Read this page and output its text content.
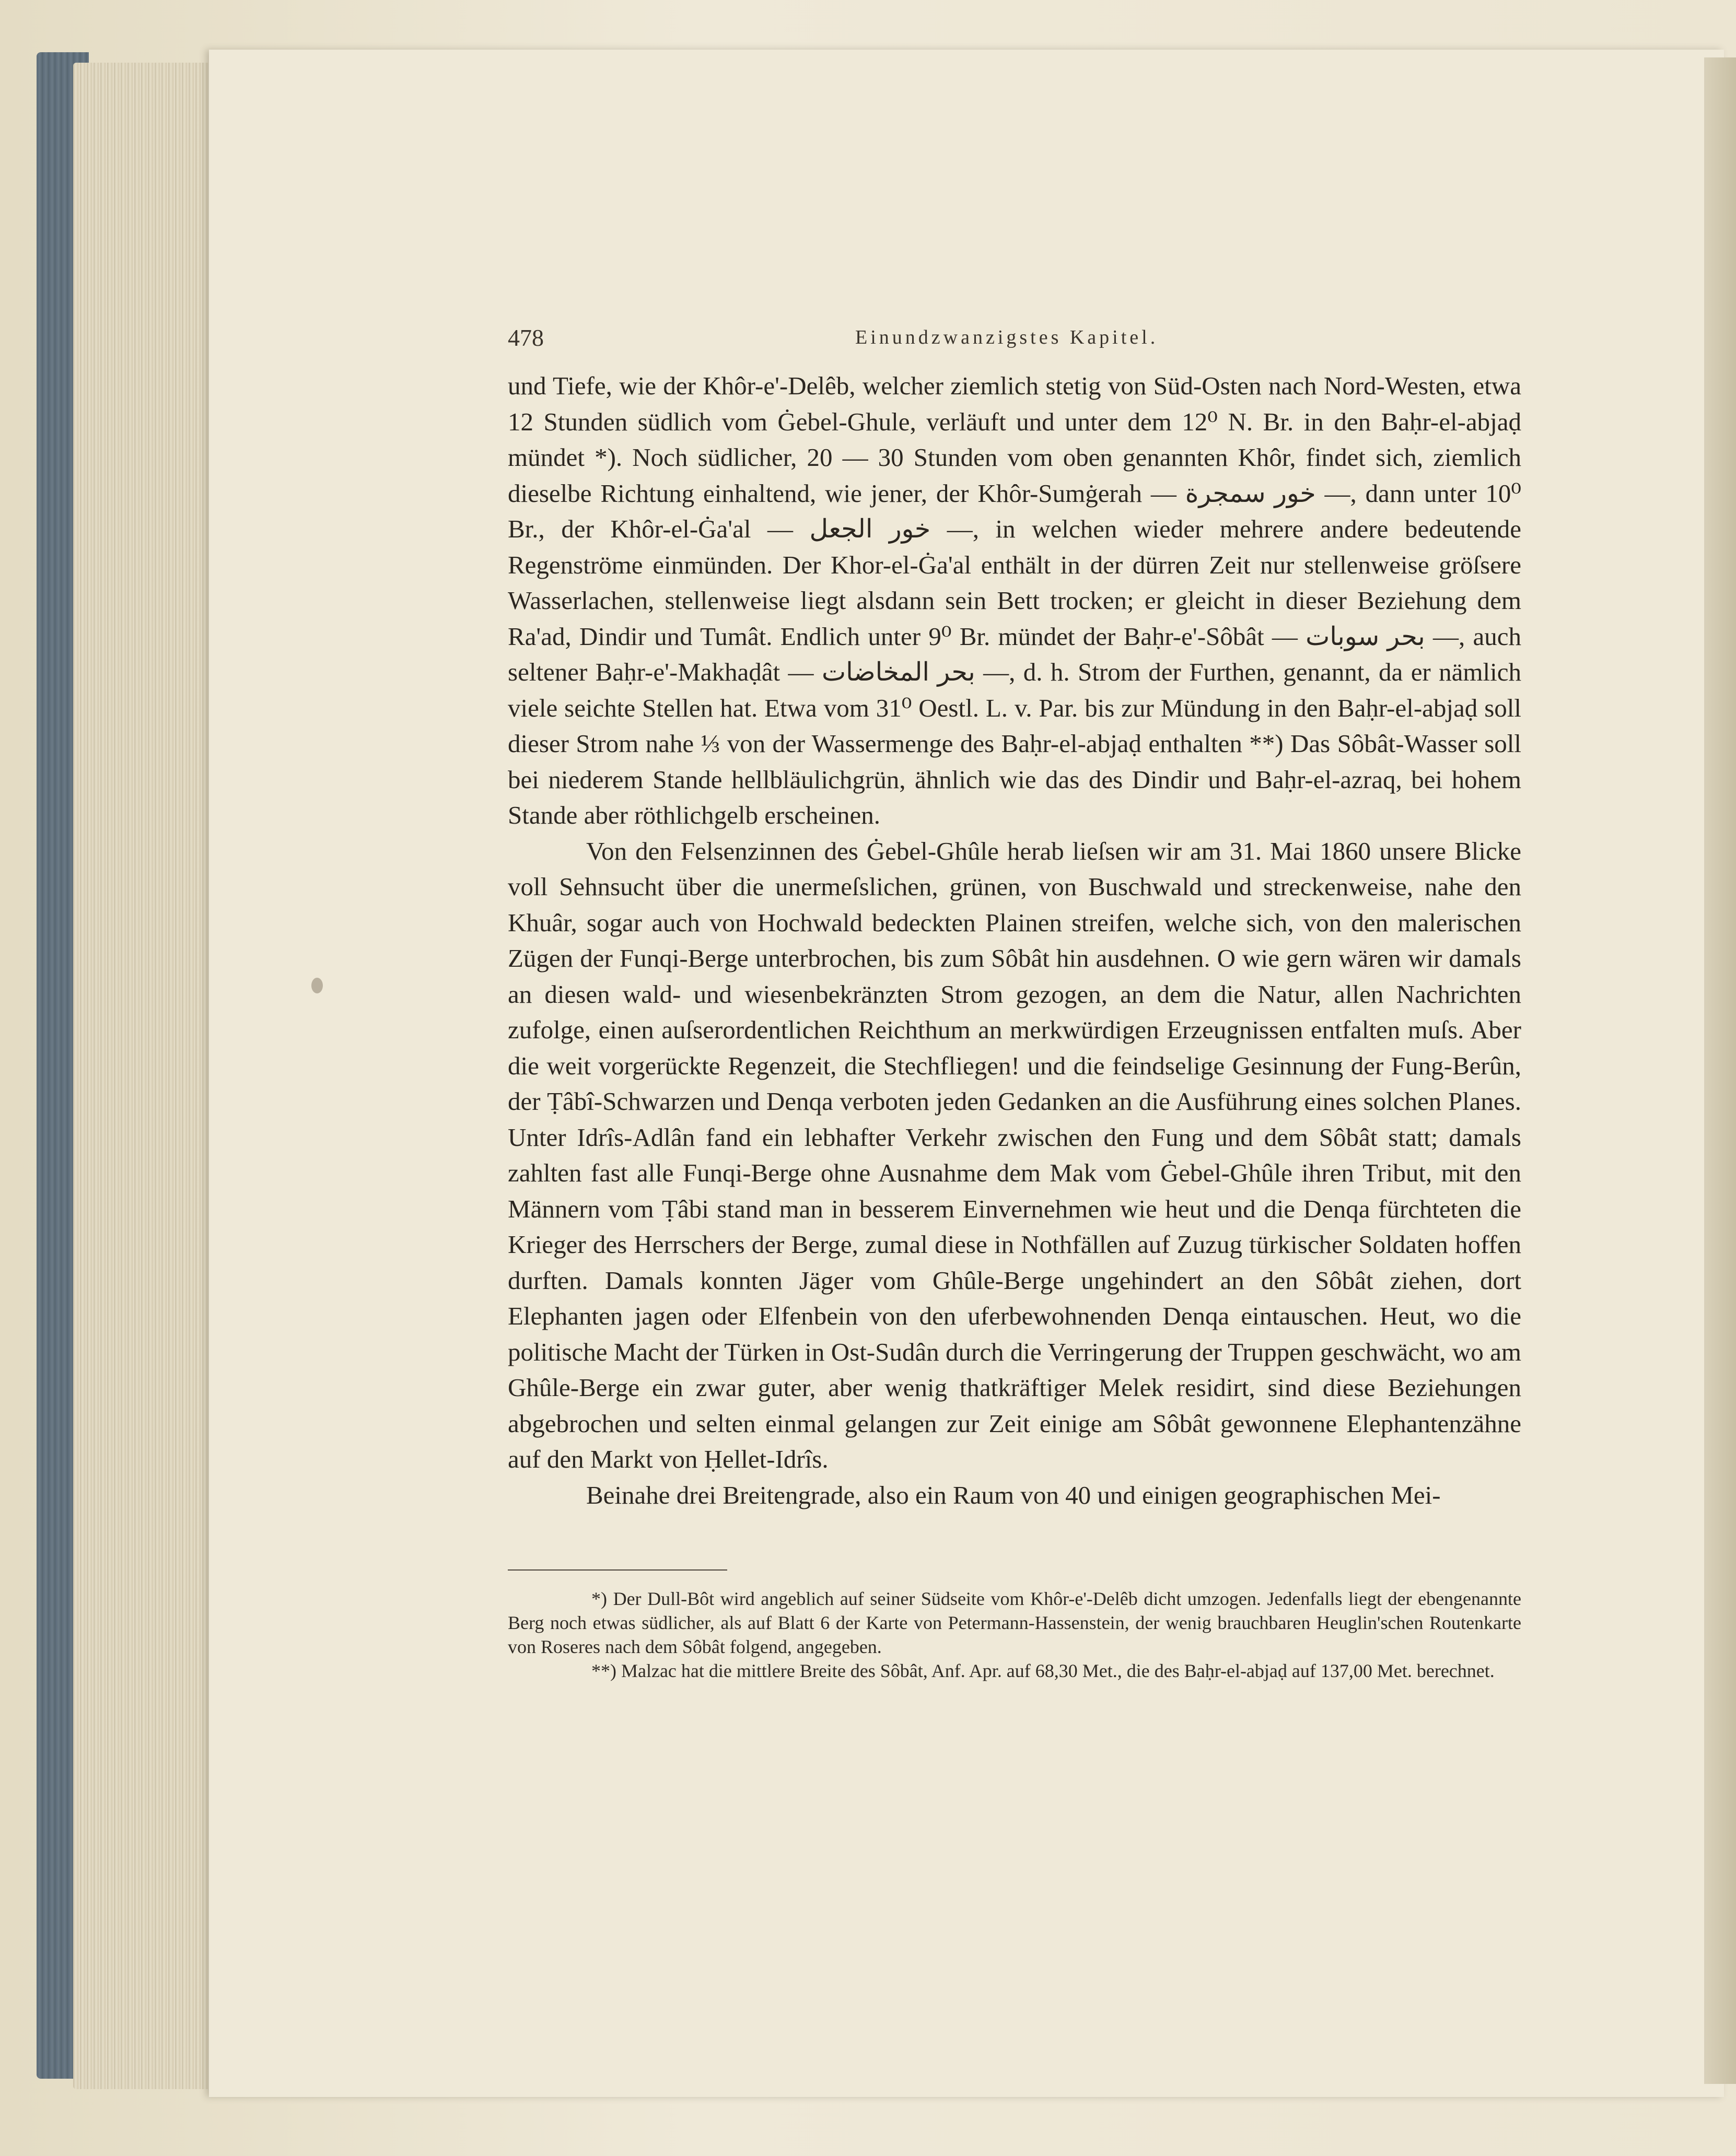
478	Einundzwanzigstes Kapitel.

und Tiefe, wie der Khôr-e'-Delêb, welcher ziemlich stetig von Süd-Osten nach Nord-Westen, etwa 12 Stunden südlich vom Ġebel-Ghule, verläuft und unter dem 12⁰ N. Br. in den Baḥr-el-abjaḍ mündet *). Noch südlicher, 20 — 30 Stunden vom oben genannten Khôr, findet sich, ziemlich dieselbe Richtung einhaltend, wie jener, der Khôr-Sumġerah — خور سمجرة —, dann unter 10⁰ Br., der Khôr-el-Ġa'al — خور الجعل —, in welchen wieder mehrere andere bedeutende Regenströme einmünden. Der Khor-el-Ġa'al enthält in der dürren Zeit nur stellenweise gröſsere Wasserlachen, stellenweise liegt alsdann sein Bett trocken; er gleicht in dieser Beziehung dem Ra'ad, Dindir und Tumât. Endlich unter 9⁰ Br. mündet der Baḥr-e'-Sôbât — بحر سوبات —, auch seltener Baḥr-e'-Makhaḍât — بحر المخاضات —, d. h. Strom der Furthen, genannt, da er nämlich viele seichte Stellen hat. Etwa vom 31⁰ Oestl. L. v. Par. bis zur Mündung in den Baḥr-el-abjaḍ soll dieser Strom nahe ⅓ von der Wassermenge des Baḥr-el-abjaḍ enthalten **) Das Sôbât-Wasser soll bei niederem Stande hellbläulichgrün, ähnlich wie das des Dindir und Baḥr-el-azraq, bei hohem Stande aber röthlichgelb erscheinen.

Von den Felsenzinnen des Ġebel-Ghûle herab lieſsen wir am 31. Mai 1860 unsere Blicke voll Sehnsucht über die unermeſslichen, grünen, von Buschwald und streckenweise, nahe den Khuâr, sogar auch von Hochwald bedeckten Plainen streifen, welche sich, von den malerischen Zügen der Funqi-Berge unterbrochen, bis zum Sôbât hin ausdehnen. O wie gern wären wir damals an diesen wald- und wiesenbekränzten Strom gezogen, an dem die Natur, allen Nachrichten zufolge, einen auſserordentlichen Reichthum an merkwürdigen Erzeugnissen entfalten muſs. Aber die weit vorgerückte Regenzeit, die Stechfliegen! und die feindselige Gesinnung der Fung-Berûn, der Ṭâbî-Schwarzen und Denqa verboten jeden Gedanken an die Ausführung eines solchen Planes. Unter Idrîs-Adlân fand ein lebhafter Verkehr zwischen den Fung und dem Sôbât statt; damals zahlten fast alle Funqi-Berge ohne Ausnahme dem Mak vom Ġebel-Ghûle ihren Tribut, mit den Männern vom Ṭâbi stand man in besserem Einvernehmen wie heut und die Denqa fürchteten die Krieger des Herrschers der Berge, zumal diese in Nothfällen auf Zuzug türkischer Soldaten hoffen durften. Damals konnten Jäger vom Ghûle-Berge ungehindert an den Sôbât ziehen, dort Elephanten jagen oder Elfenbein von den uferbewohnenden Denqa eintauschen. Heut, wo die politische Macht der Türken in Ost-Sudân durch die Verringerung der Truppen geschwächt, wo am Ghûle-Berge ein zwar guter, aber wenig thatkräftiger Melek residirt, sind diese Beziehungen abgebrochen und selten einmal gelangen zur Zeit einige am Sôbât gewonnene Elephantenzähne auf den Markt von Ḥellet-Idrîs.

Beinahe drei Breitengrade, also ein Raum von 40 und einigen geographischen Mei-

*) Der Dull-Bôt wird angeblich auf seiner Südseite vom Khôr-e'-Delêb dicht umzogen. Jedenfalls liegt der ebengenannte Berg noch etwas südlicher, als auf Blatt 6 der Karte von Petermann-Hassenstein, der wenig brauchbaren Heuglin'schen Routenkarte von Roseres nach dem Sôbât folgend, angegeben.

**) Malzac hat die mittlere Breite des Sôbât, Anf. Apr. auf 68,30 Met., die des Baḥr-el-abjaḍ auf 137,00 Met. berechnet.
